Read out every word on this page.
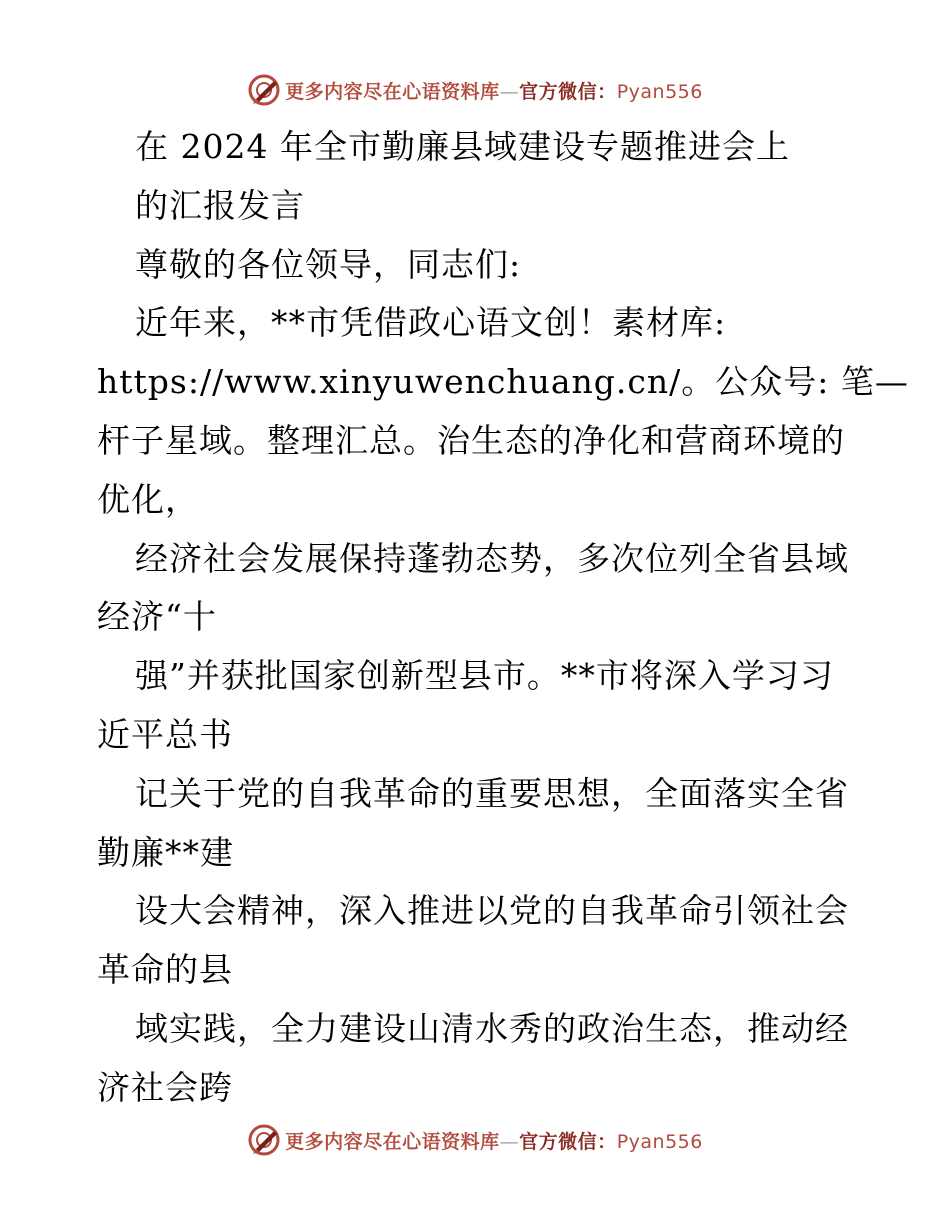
更多内容尽在心语资料库—官方微信：Pyan556
在 2024 年全市勤廉县域建设专题推进会上
的汇报发言
尊敬的各位领导，同志们:
近年来，**市凭借政心语文创！素材库:
https://www.xinyuwenchuang.cn/。公众号: 笔—
杆子星域。整理汇总。治生态的净化和营商环境的
优化，
经济社会发展保持蓬勃态势，多次位列全省县域
经济“十
强”并获批国家创新型县市。**市将深入学习习
近平总书
记关于党的自我革命的重要思想，全面落实全省
勤廉**建
设大会精神，深入推进以党的自我革命引领社会
革命的县
域实践，全力建设山清水秀的政治生态，推动经
济社会跨
更多内容尽在心语资料库—官方微信：Pyan556
